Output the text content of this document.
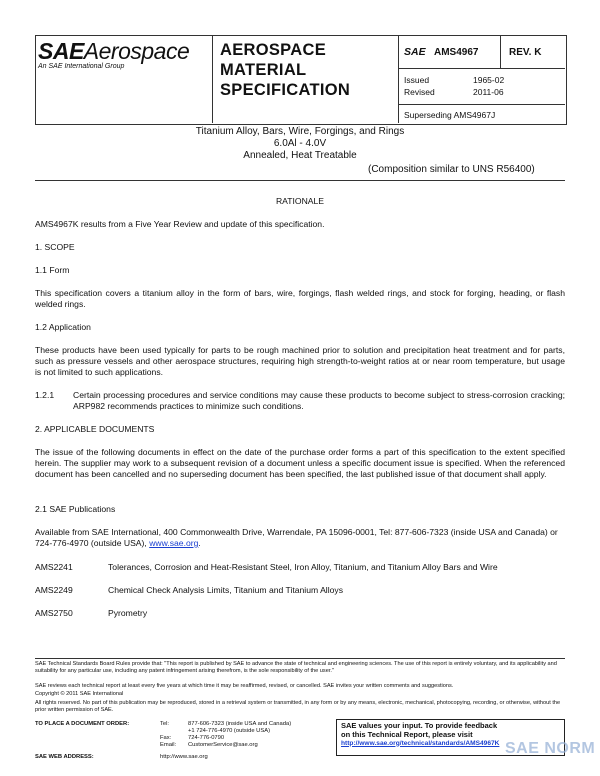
SAEAerospace
An SAE International Group
AEROSPACE
MATERIAL
SPECIFICATION
SAE AMS4967	REV. K
Issued	1965-02
Revised	2011-06
Superseding AMS4967J
Titanium Alloy, Bars, Wire, Forgings, and Rings
6.0Al - 4.0V
Annealed, Heat Treatable
(Composition similar to UNS R56400)
RATIONALE
AMS4967K results from a Five Year Review and update of this specification.
1. SCOPE
1.1 Form
This specification covers a titanium alloy in the form of bars, wire, forgings, flash welded rings, and stock for forging, heading, or flash welded rings.
1.2 Application
These products have been used typically for parts to be rough machined prior to solution and precipitation heat treatment and for parts, such as pressure vessels and other aerospace structures, requiring high strength-to-weight ratios at or near room temperature, but usage is not limited to such applications.
1.2.1 Certain processing procedures and service conditions may cause these products to become subject to stress-corrosion cracking; ARP982 recommends practices to minimize such conditions.
2. APPLICABLE DOCUMENTS
The issue of the following documents in effect on the date of the purchase order forms a part of this specification to the extent specified herein. The supplier may work to a subsequent revision of a document unless a specific document issue is specified. When the referenced document has been cancelled and no superseding document has been specified, the last published issue of that document shall apply.
2.1 SAE Publications
Available from SAE International, 400 Commonwealth Drive, Warrendale, PA 15096-0001, Tel: 877-606-7323 (inside USA and Canada) or 724-776-4970 (outside USA), www.sae.org.
AMS2241	Tolerances, Corrosion and Heat-Resistant Steel, Iron Alloy, Titanium, and Titanium Alloy Bars and Wire
AMS2249	Chemical Check Analysis Limits, Titanium and Titanium Alloys
AMS2750	Pyrometry
SAE Technical Standards Board Rules provide that: "This report is published by SAE to advance the state of technical and engineering sciences. The use of this report is entirely voluntary, and its applicability and suitability for any particular use, including any patent infringement arising therefrom, is the sole responsibility of the user."
SAE reviews each technical report at least every five years at which time it may be reaffirmed, revised, or cancelled. SAE invites your written comments and suggestions.
Copyright © 2011 SAE International
All rights reserved. No part of this publication may be reproduced, stored in a retrieval system or transmitted, in any form or by any means, electronic, mechanical, photocopying, recording, or otherwise, without the prior written permission of SAE.
TO PLACE A DOCUMENT ORDER:	Tel:	877-606-7323 (inside USA and Canada)
+1 724-776-4970 (outside USA)
Fax:	724-776-0790
Email: CustomerService@sae.org
SAE WEB ADDRESS:	http://www.sae.org
SAE values your input. To provide feedback
on this Technical Report, please visit
http://www.sae.org/technical/standards/AMS4967K SAE NORM
